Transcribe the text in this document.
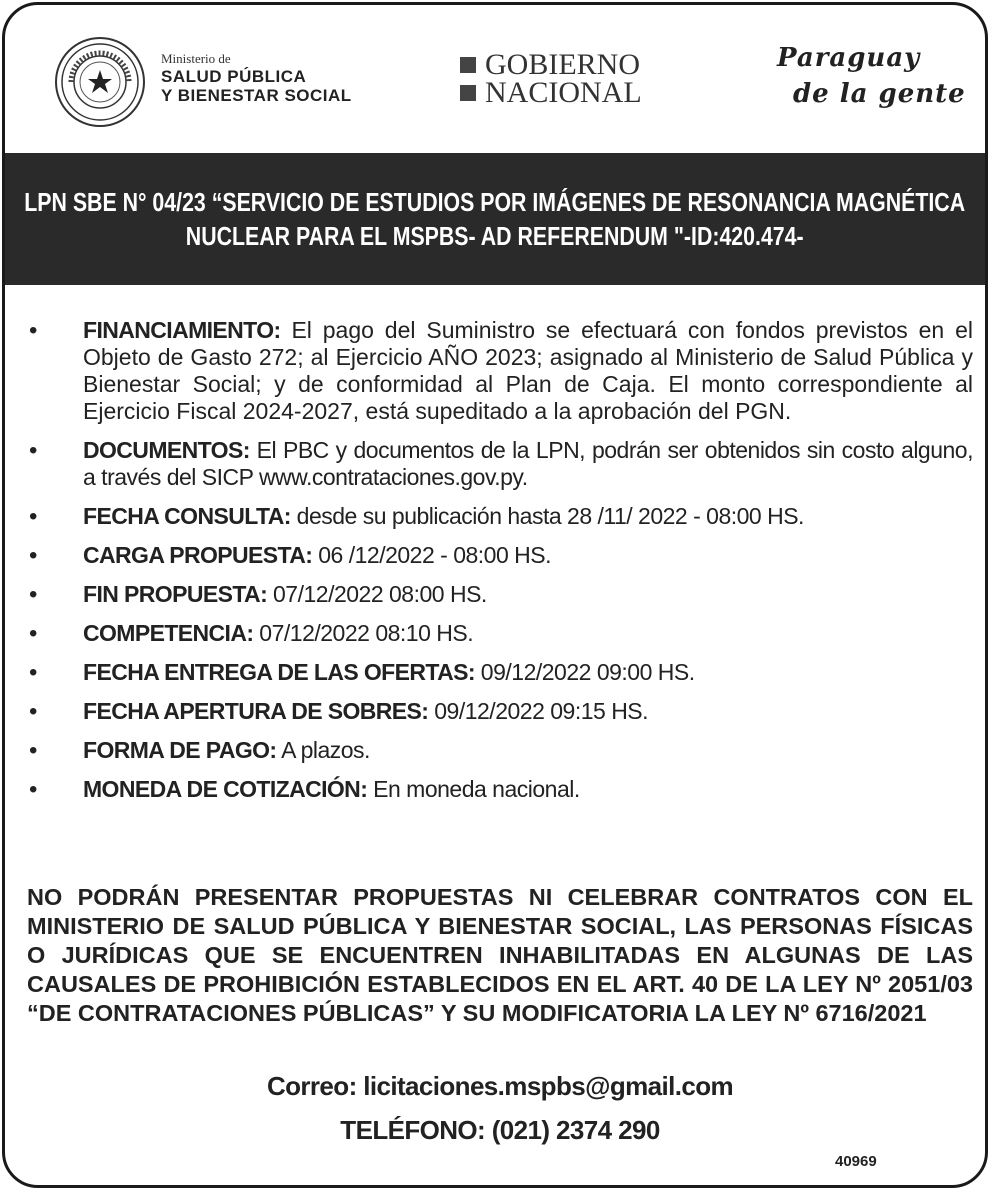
Ministerio de
SALUD PÚBLICA
Y BIENESTAR SOCIAL
GOBIERNO
NACIONAL
Paraguay
de la gente
LPN SBE N° 04/23 “SERVICIO DE ESTUDIOS POR IMÁGENES DE RESONANCIA MAGNÉTICA
NUCLEAR PARA EL MSPBS- AD REFERENDUM "-ID:420.474-
• FINANCIAMIENTO: El pago del Suministro se efectuará con fondos previstos en el Objeto de Gasto 272; al Ejercicio AÑO 2023; asignado al Ministerio de Salud Pública y Bienestar Social; y de conformidad al Plan de Caja. El monto correspondiente al Ejercicio Fiscal 2024-2027, está supeditado a la aprobación del PGN.
• DOCUMENTOS: El PBC y documentos de la LPN, podrán ser obtenidos sin costo alguno, a través del SICP www.contrataciones.gov.py.
• FECHA CONSULTA: desde su publicación hasta 28 /11/ 2022 - 08:00 HS.
• CARGA PROPUESTA: 06 /12/2022 - 08:00 HS.
• FIN PROPUESTA: 07/12/2022 08:00 HS.
• COMPETENCIA: 07/12/2022 08:10 HS.
• FECHA ENTREGA DE LAS OFERTAS: 09/12/2022 09:00 HS.
• FECHA APERTURA DE SOBRES: 09/12/2022 09:15 HS.
• FORMA DE PAGO: A plazos.
• MONEDA DE COTIZACIÓN: En moneda nacional.
NO PODRÁN PRESENTAR PROPUESTAS NI CELEBRAR CONTRATOS CON EL MINISTERIO DE SALUD PÚBLICA Y BIENESTAR SOCIAL, LAS PERSONAS FÍSICAS O JURÍDICAS QUE SE ENCUENTREN INHABILITADAS EN ALGUNAS DE LAS CAUSALES DE PROHIBICIÓN ESTABLECIDOS EN EL ART. 40 DE LA LEY Nº 2051/03 “DE CONTRATACIONES PÚBLICAS” Y SU MODIFICATORIA LA LEY Nº 6716/2021
Correo: licitaciones.mspbs@gmail.com
TELÉFONO: (021) 2374 290
40969
